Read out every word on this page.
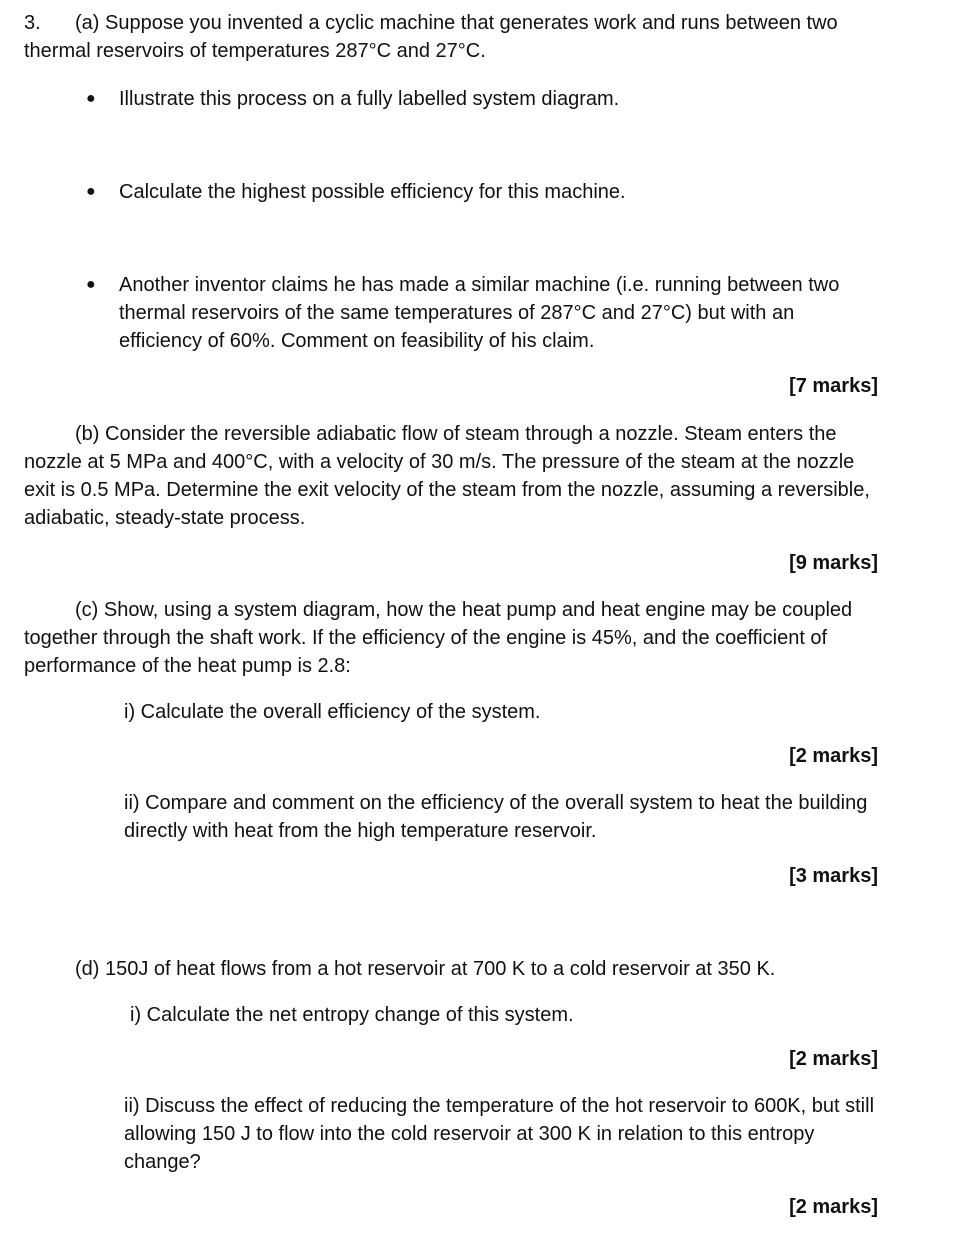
3. (a) Suppose you invented a cyclic machine that generates work and runs between two
thermal reservoirs of temperatures 287°C and 27°C.
● Illustrate this process on a fully labelled system diagram.
● Calculate the highest possible efficiency for this machine.
● Another inventor claims he has made a similar machine (i.e. running between two
thermal reservoirs of the same temperatures of 287°C and 27°C) but with an
efficiency of 60%. Comment on feasibility of his claim.
[7 marks]
(b) Consider the reversible adiabatic flow of steam through a nozzle. Steam enters the
nozzle at 5 MPa and 400°C, with a velocity of 30 m/s. The pressure of the steam at the nozzle
exit is 0.5 MPa. Determine the exit velocity of the steam from the nozzle, assuming a reversible,
adiabatic, steady-state process.
[9 marks]
(c) Show, using a system diagram, how the heat pump and heat engine may be coupled
together through the shaft work. If the efficiency of the engine is 45%, and the coefficient of
performance of the heat pump is 2.8:
i) Calculate the overall efficiency of the system.
[2 marks]
ii) Compare and comment on the efficiency of the overall system to heat the building
directly with heat from the high temperature reservoir.
[3 marks]
(d) 150J of heat flows from a hot reservoir at 700 K to a cold reservoir at 350 K.
i) Calculate the net entropy change of this system.
[2 marks]
ii) Discuss the effect of reducing the temperature of the hot reservoir to 600K, but still
allowing 150 J to flow into the cold reservoir at 300 K in relation to this entropy
change?
[2 marks]
